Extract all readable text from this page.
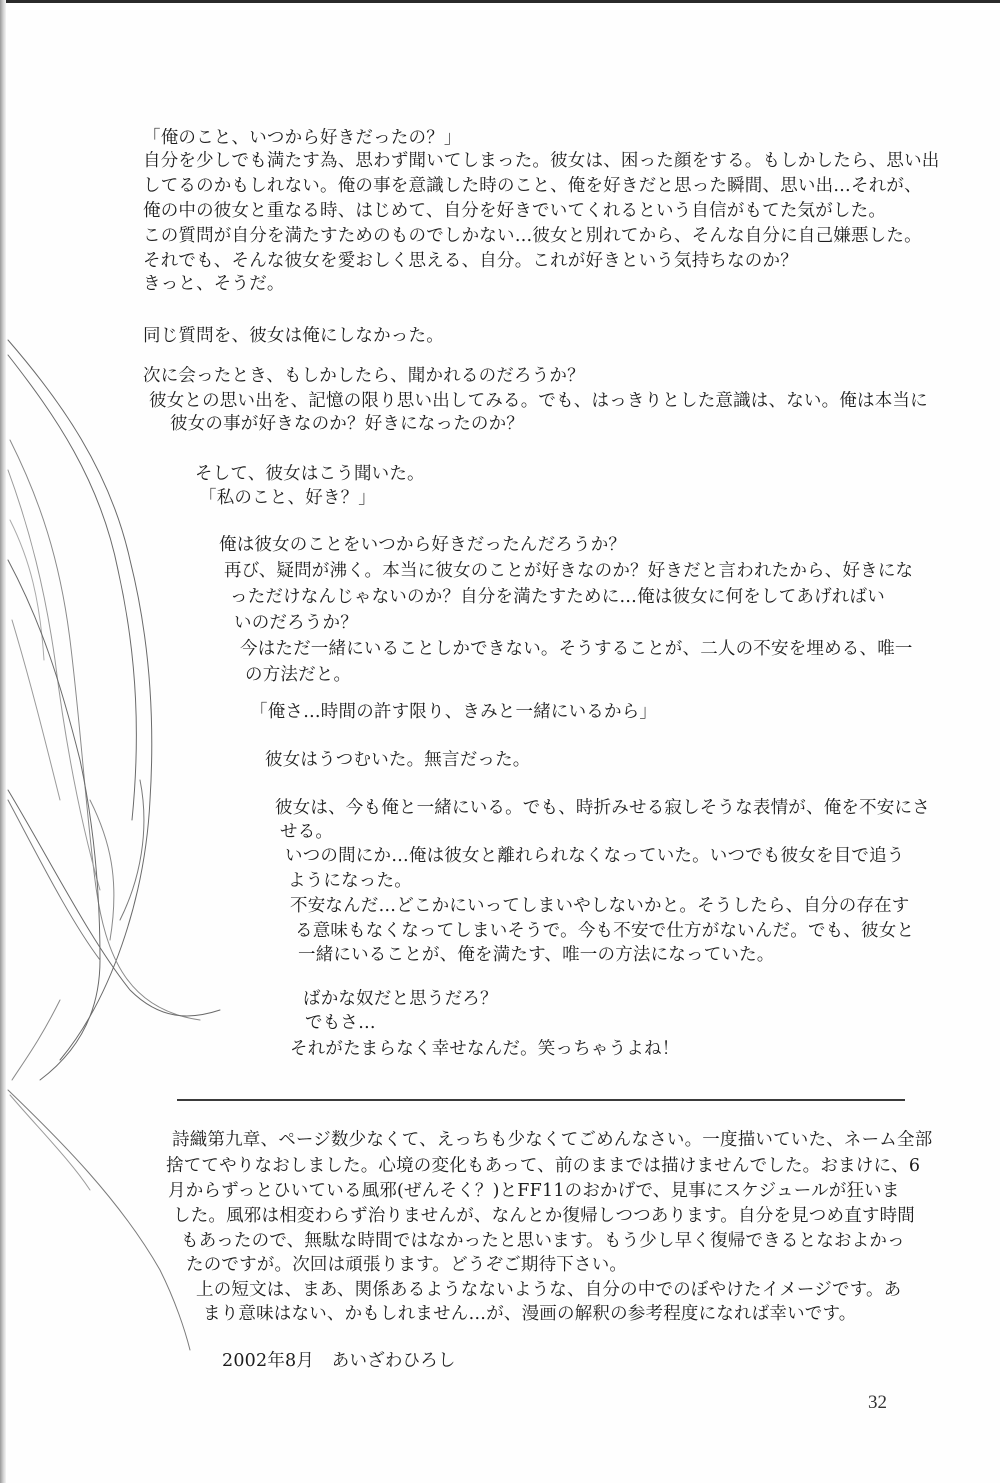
「俺のこと、いつから好きだったの？」
自分を少しでも満たす為、思わず聞いてしまった。彼女は、困った顔をする。もしかしたら、思い出
してるのかもしれない。俺の事を意識した時のこと、俺を好きだと思った瞬間、思い出…それが、
俺の中の彼女と重なる時、はじめて、自分を好きでいてくれるという自信がもてた気がした。
この質問が自分を満たすためのものでしかない…彼女と別れてから、そんな自分に自己嫌悪した。
それでも、そんな彼女を愛おしく思える、自分。これが好きという気持ちなのか？
きっと、そうだ。
同じ質問を、彼女は俺にしなかった。
次に会ったとき、もしかしたら、聞かれるのだろうか？
彼女との思い出を、記憶の限り思い出してみる。でも、はっきりとした意識は、ない。俺は本当に
彼女の事が好きなのか？好きになったのか？
そして、彼女はこう聞いた。
「私のこと、好き？」
俺は彼女のことをいつから好きだったんだろうか？
再び、疑問が沸く。本当に彼女のことが好きなのか？好きだと言われたから、好きにな
っただけなんじゃないのか？自分を満たすために…俺は彼女に何をしてあげればい
いのだろうか？
今はただ一緒にいることしかできない。そうすることが、二人の不安を埋める、唯一
の方法だと。
「俺さ…時間の許す限り、きみと一緒にいるから」
彼女はうつむいた。無言だった。
彼女は、今も俺と一緒にいる。でも、時折みせる寂しそうな表情が、俺を不安にさ
せる。
いつの間にか…俺は彼女と離れられなくなっていた。いつでも彼女を目で追う
ようになった。
不安なんだ…どこかにいってしまいやしないかと。そうしたら、自分の存在す
る意味もなくなってしまいそうで。今も不安で仕方がないんだ。でも、彼女と
一緒にいることが、俺を満たす、唯一の方法になっていた。
ばかな奴だと思うだろ？
でもさ…
それがたまらなく幸せなんだ。笑っちゃうよね！
詩織第九章、ページ数少なくて、えっちも少なくてごめんなさい。一度描いていた、ネーム全部
捨ててやりなおしました。心境の変化もあって、前のままでは描けませんでした。おまけに、6
月からずっとひいている風邪(ぜんそく？)とFF11のおかげで、見事にスケジュールが狂いま
した。風邪は相変わらず治りませんが、なんとか復帰しつつあります。自分を見つめ直す時間
もあったので、無駄な時間ではなかったと思います。もう少し早く復帰できるとなおよかっ
たのですが。次回は頑張ります。どうぞご期待下さい。
上の短文は、まあ、関係あるようなないような、自分の中でのぼやけたイメージです。あ
まり意味はない、かもしれません…が、漫画の解釈の参考程度になれば幸いです。
2002年8月　あいざわひろし
32
